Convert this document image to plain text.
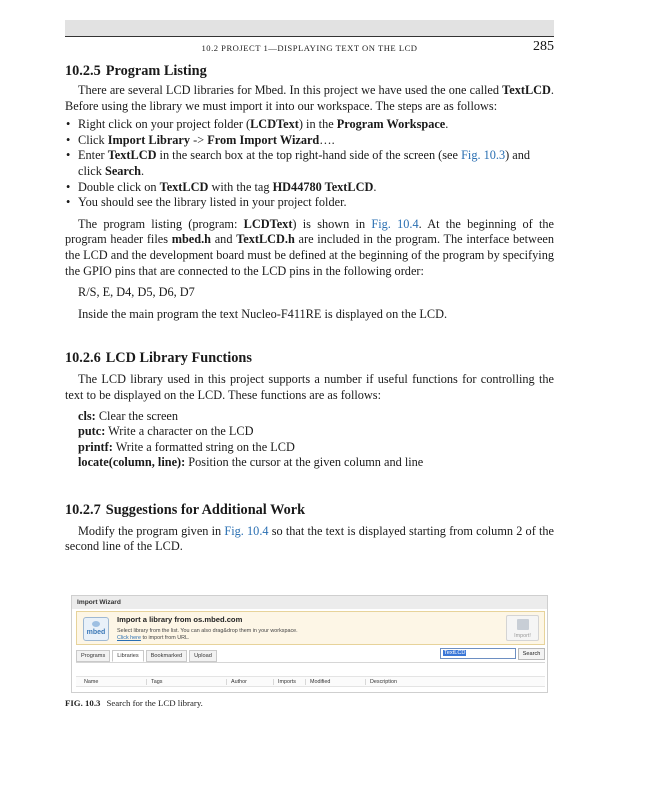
10.2 PROJECT 1—DISPLAYING TEXT ON THE LCD	285
10.2.5 Program Listing

There are several LCD libraries for Mbed. In this project we have used the one called TextLCD. Before using the library we must import it into our workspace. The steps are as follows:

• Right click on your project folder (LCDText) in the Program Workspace.
• Click Import Library -> From Import Wizard….
• Enter TextLCD in the search box at the top right-hand side of the screen (see Fig. 10.3) and click Search.
• Double click on TextLCD with the tag HD44780 TextLCD.
• You should see the library listed in your project folder.

The program listing (program: LCDText) is shown in Fig. 10.4. At the beginning of the program header files mbed.h and TextLCD.h are included in the program. The interface between the LCD and the development board must be defined at the beginning of the program by specifying the GPIO pins that are connected to the LCD pins in the following order:

R/S, E, D4, D5, D6, D7

Inside the main program the text Nucleo-F411RE is displayed on the LCD.

10.2.6 LCD Library Functions

The LCD library used in this project supports a number if useful functions for controlling the text to be displayed on the LCD. These functions are as follows:

cls: Clear the screen
putc: Write a character on the LCD
printf: Write a formatted string on the LCD
locate(column, line): Position the cursor at the given column and line
10.2.7 Suggestions for Additional Work

Modify the program given in Fig. 10.4 so that the text is displayed starting from column 2 of the second line of the LCD.

Import Wizard
mbed
Import a library from os.mbed.com
Select library from the list. You can also drag&drop them in your workspace.
Click here to import from URL.	Import!
Programs	Libraries	Bookmarked	Upload	TextLCD	Search
Name	Tags	Author	Imports	Modified	Description
FIG. 10.3 Search for the LCD library.
